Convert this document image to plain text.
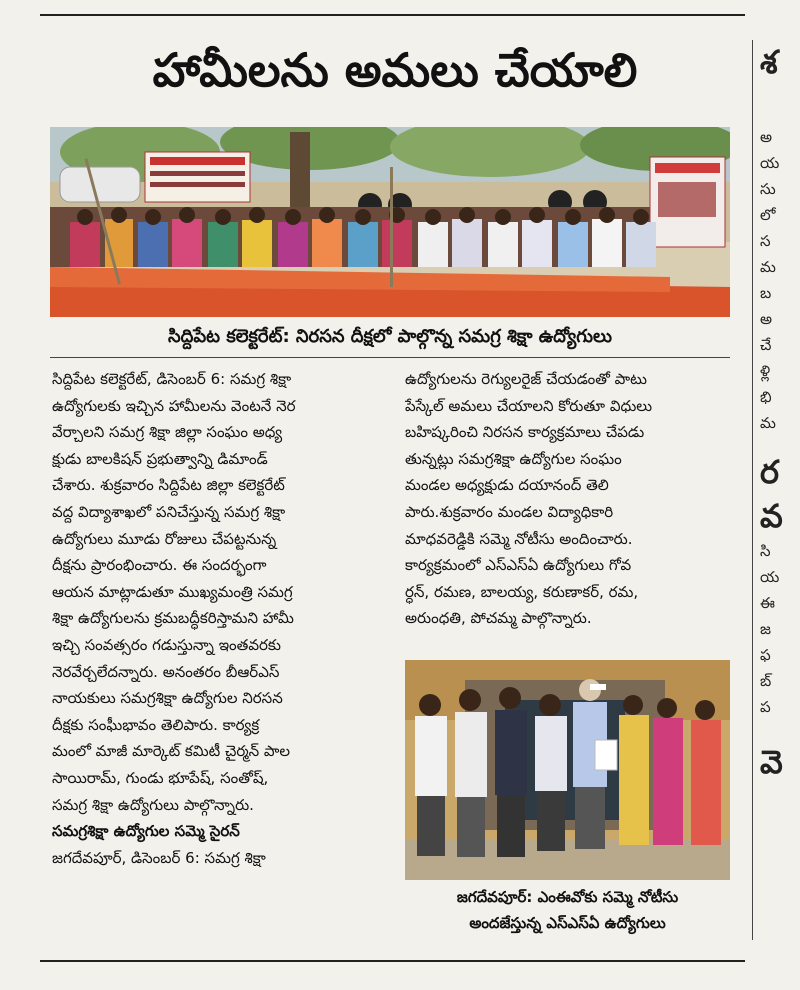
హామీలను అమలు చేయాలి
సిద్దిపేట కలెక్టరేట్: నిరసన దీక్షలో పాల్గొన్న సమగ్ర శిక్షా ఉద్యోగులు
సిద్దిపేట కలెక్టరేట్, డిసెంబర్ 6: సమగ్ర శిక్షా
ఉద్యోగులకు ఇచ్చిన హామీలను వెంటనే నెర
వేర్చాలని సమగ్ర శిక్షా జిల్లా సంఘం అధ్య
క్షుడు బాలకిషన్ ప్రభుత్వాన్ని డిమాండ్
చేశారు. శుక్రవారం సిద్దిపేట జిల్లా కలెక్టరేట్
వద్ద విద్యాశాఖలో పనిచేస్తున్న సమగ్ర శిక్షా
ఉద్యోగులు మూడు రోజులు చేపట్టనున్న
దీక్షను ప్రారంభించారు. ఈ సందర్భంగా
ఆయన మాట్లాడుతూ ముఖ్యమంత్రి సమగ్ర
శిక్షా ఉద్యోగులను క్రమబద్ధీకరిస్తామని హామీ
ఇచ్చి సంవత్సరం గడుస్తున్నా ఇంతవరకు
నెరవేర్చలేదన్నారు. అనంతరం బీఆర్ఎస్
నాయకులు సమగ్రశిక్షా ఉద్యోగుల నిరసన
దీక్షకు సంఘీభావం తెలిపారు. కార్యక్ర
మంలో మాజీ మార్కెట్ కమిటీ చైర్మన్ పాల
సాయిరామ్, గుండు భూపేష్, సంతోష్,
సమగ్ర శిక్షా ఉద్యోగులు పాల్గొన్నారు.
సమగ్రశిక్షా ఉద్యోగుల సమ్మె సైరన్
జగదేవపూర్, డిసెంబర్ 6: సమగ్ర శిక్షా
ఉద్యోగులను రెగ్యులరైజ్ చేయడంతో పాటు
పేస్కేల్ అమలు చేయాలని కోరుతూ విధులు
బహిష్కరించి నిరసన కార్యక్రమాలు చేపడు
తున్నట్లు సమగ్రశిక్షా ఉద్యోగుల సంఘం
మండల అధ్యక్షుడు దయానంద్ తెలి
పారు.శుక్రవారం మండల విద్యాధికారి
మాధవరెడ్డికి సమ్మె నోటీసు అందించారు.
కార్యక్రమంలో ఎస్ఎస్ఏ ఉద్యోగులు గోవ
ర్ధన్, రమణ, బాలయ్య, కరుణాకర్, రమ,
అరుంధతి, పోచమ్మ పాల్గొన్నారు.
జగదేవపూర్: ఎంఈవోకు సమ్మె నోటీసు
అందజేస్తున్న ఎస్ఎస్ఏ ఉద్యోగులు
శ
అ
య
సు
లో
స
మ
బ
అ
చే
ళ్లి
భి
మ
ర
వ
సి
య
ఈ
జ
ఫ
బ్
ప
వె
